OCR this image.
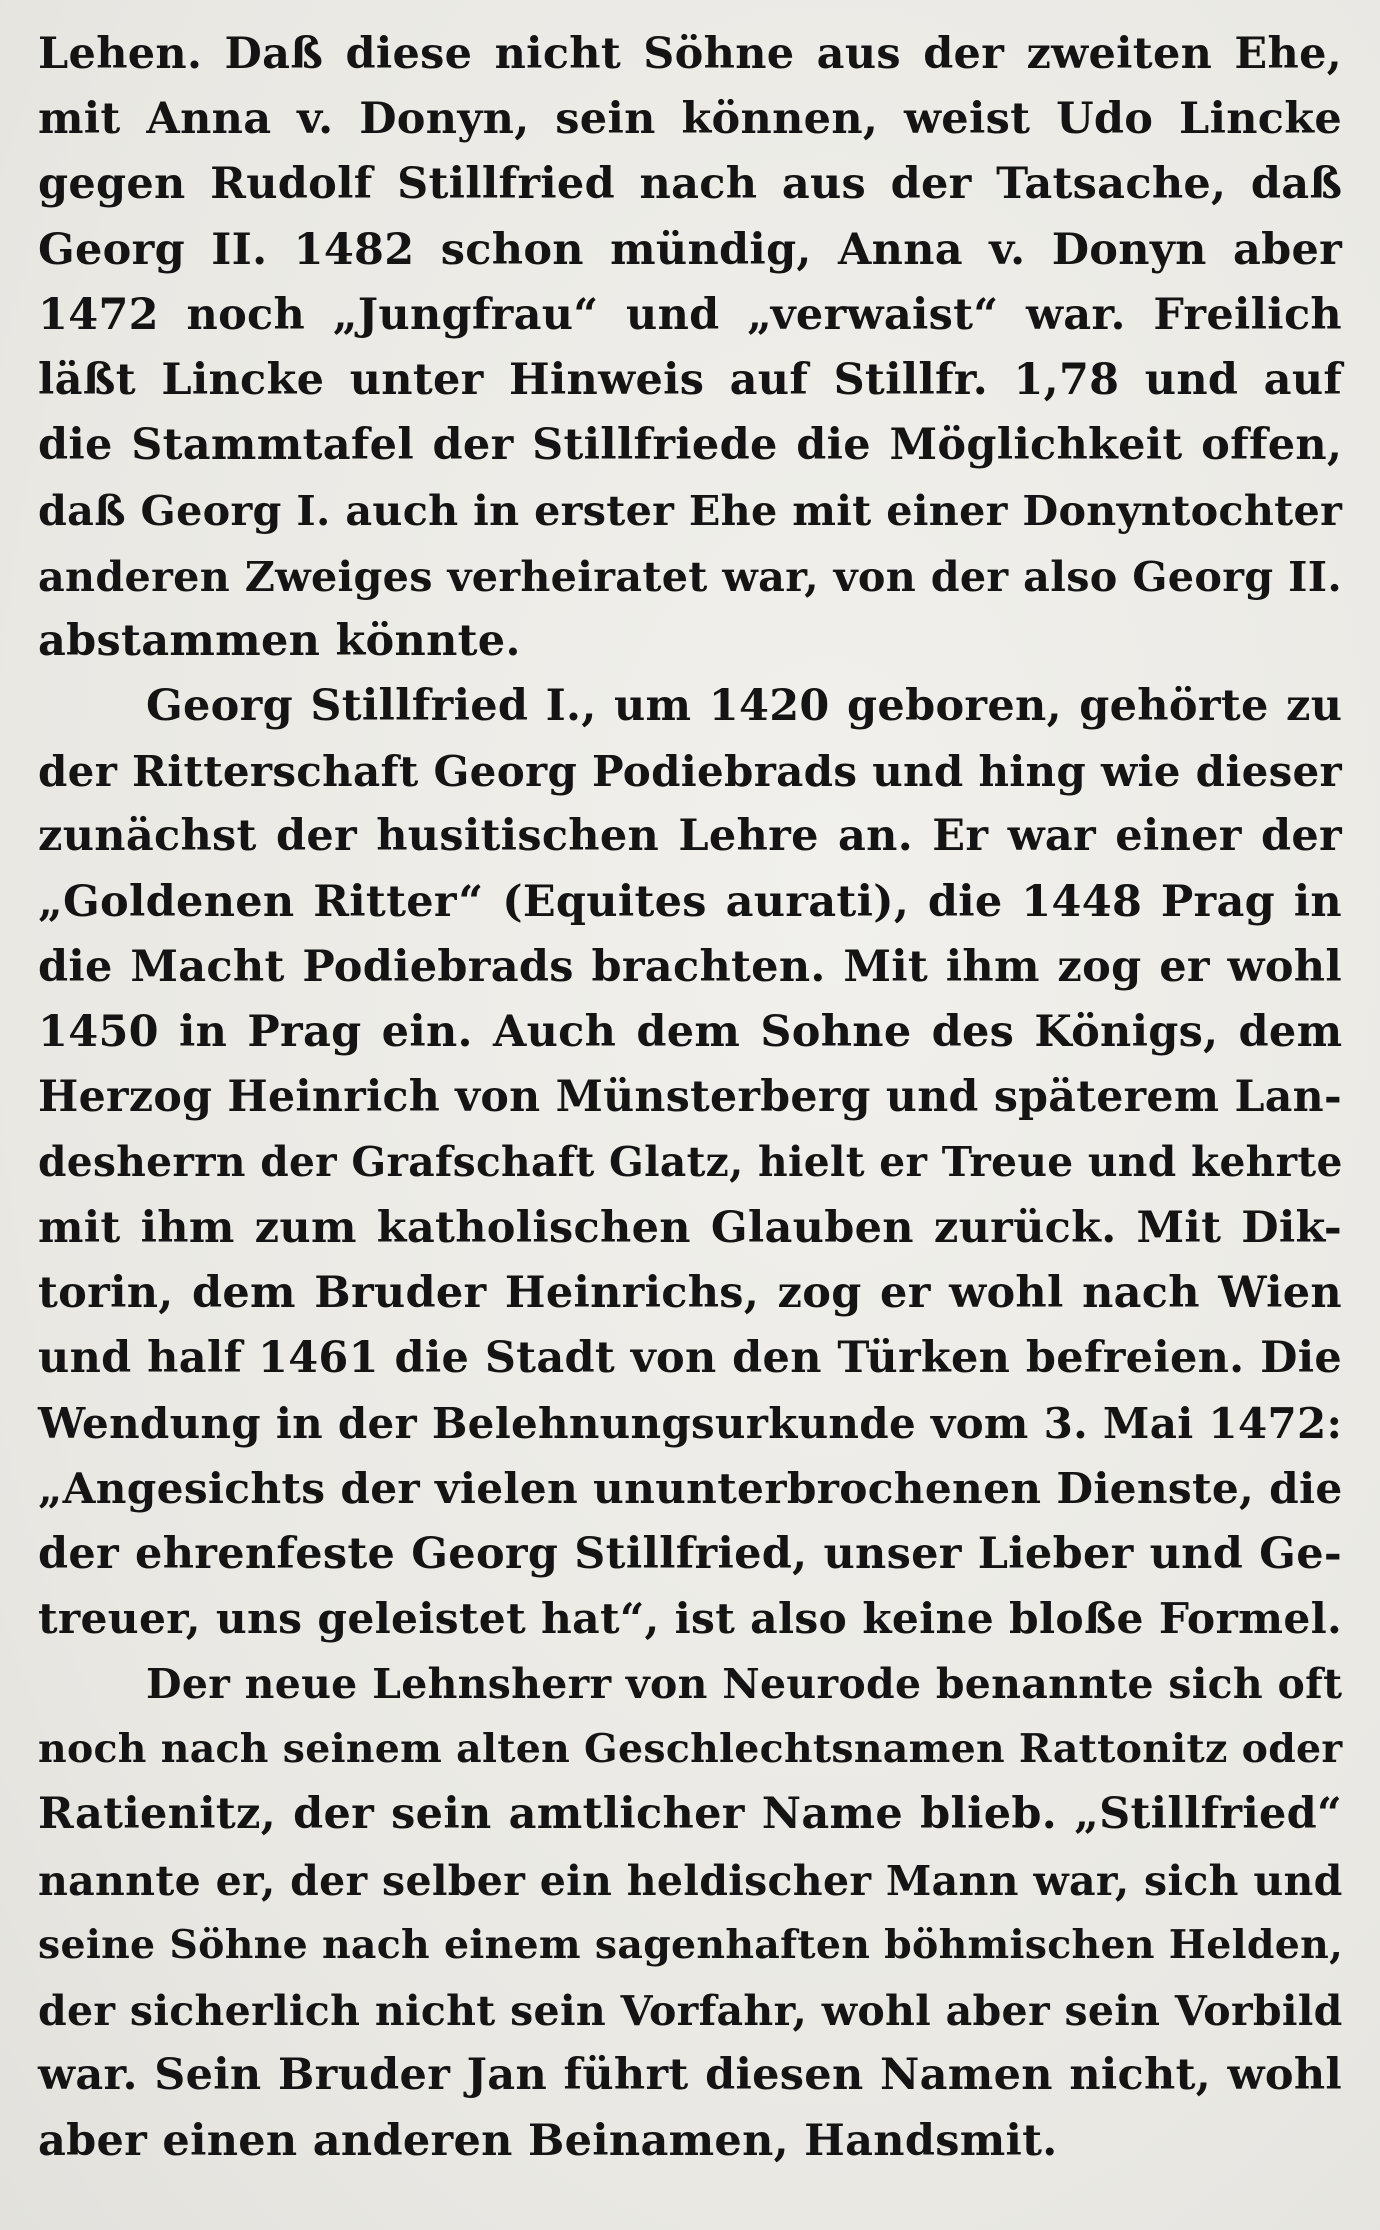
Lehen. Daß diese nicht Söhne aus der zweiten Ehe,
mit Anna v. Donyn, sein können, weist Udo Lincke
gegen Rudolf Stillfried nach aus der Tatsache, daß
Georg II. 1482 schon mündig, Anna v. Donyn aber
1472 noch „Jungfrau“ und „verwaist“ war. Freilich
läßt Lincke unter Hinweis auf Stillfr. 1,78 und auf
die Stammtafel der Stillfriede die Möglichkeit offen,
daß Georg I. auch in erster Ehe mit einer Donyntochter
anderen Zweiges verheiratet war, von der also Georg II.
abstammen könnte.

Georg Stillfried I., um 1420 geboren, gehörte zu
der Ritterschaft Georg Podiebrads und hing wie dieser
zunächst der husitischen Lehre an. Er war einer der
„Goldenen Ritter“ (Equites aurati), die 1448 Prag in
die Macht Podiebrads brachten. Mit ihm zog er wohl
1450 in Prag ein. Auch dem Sohne des Königs, dem
Herzog Heinrich von Münsterberg und späterem Lan-
desherrn der Grafschaft Glatz, hielt er Treue und kehrte
mit ihm zum katholischen Glauben zurück. Mit Dik-
torin, dem Bruder Heinrichs, zog er wohl nach Wien
und half 1461 die Stadt von den Türken befreien. Die
Wendung in der Belehnungsurkunde vom 3. Mai 1472:
„Angesichts der vielen ununterbrochenen Dienste, die
der ehrenfeste Georg Stillfried, unser Lieber und Ge-
treuer, uns geleistet hat“, ist also keine bloße Formel.

Der neue Lehnsherr von Neurode benannte sich oft
noch nach seinem alten Geschlechtsnamen Rattonitz oder
Ratienitz, der sein amtlicher Name blieb. „Stillfried“
nannte er, der selber ein heldischer Mann war, sich und
seine Söhne nach einem sagenhaften böhmischen Helden,
der sicherlich nicht sein Vorfahr, wohl aber sein Vorbild
war. Sein Bruder Jan führt diesen Namen nicht, wohl
aber einen anderen Beinamen, Handsmit.
